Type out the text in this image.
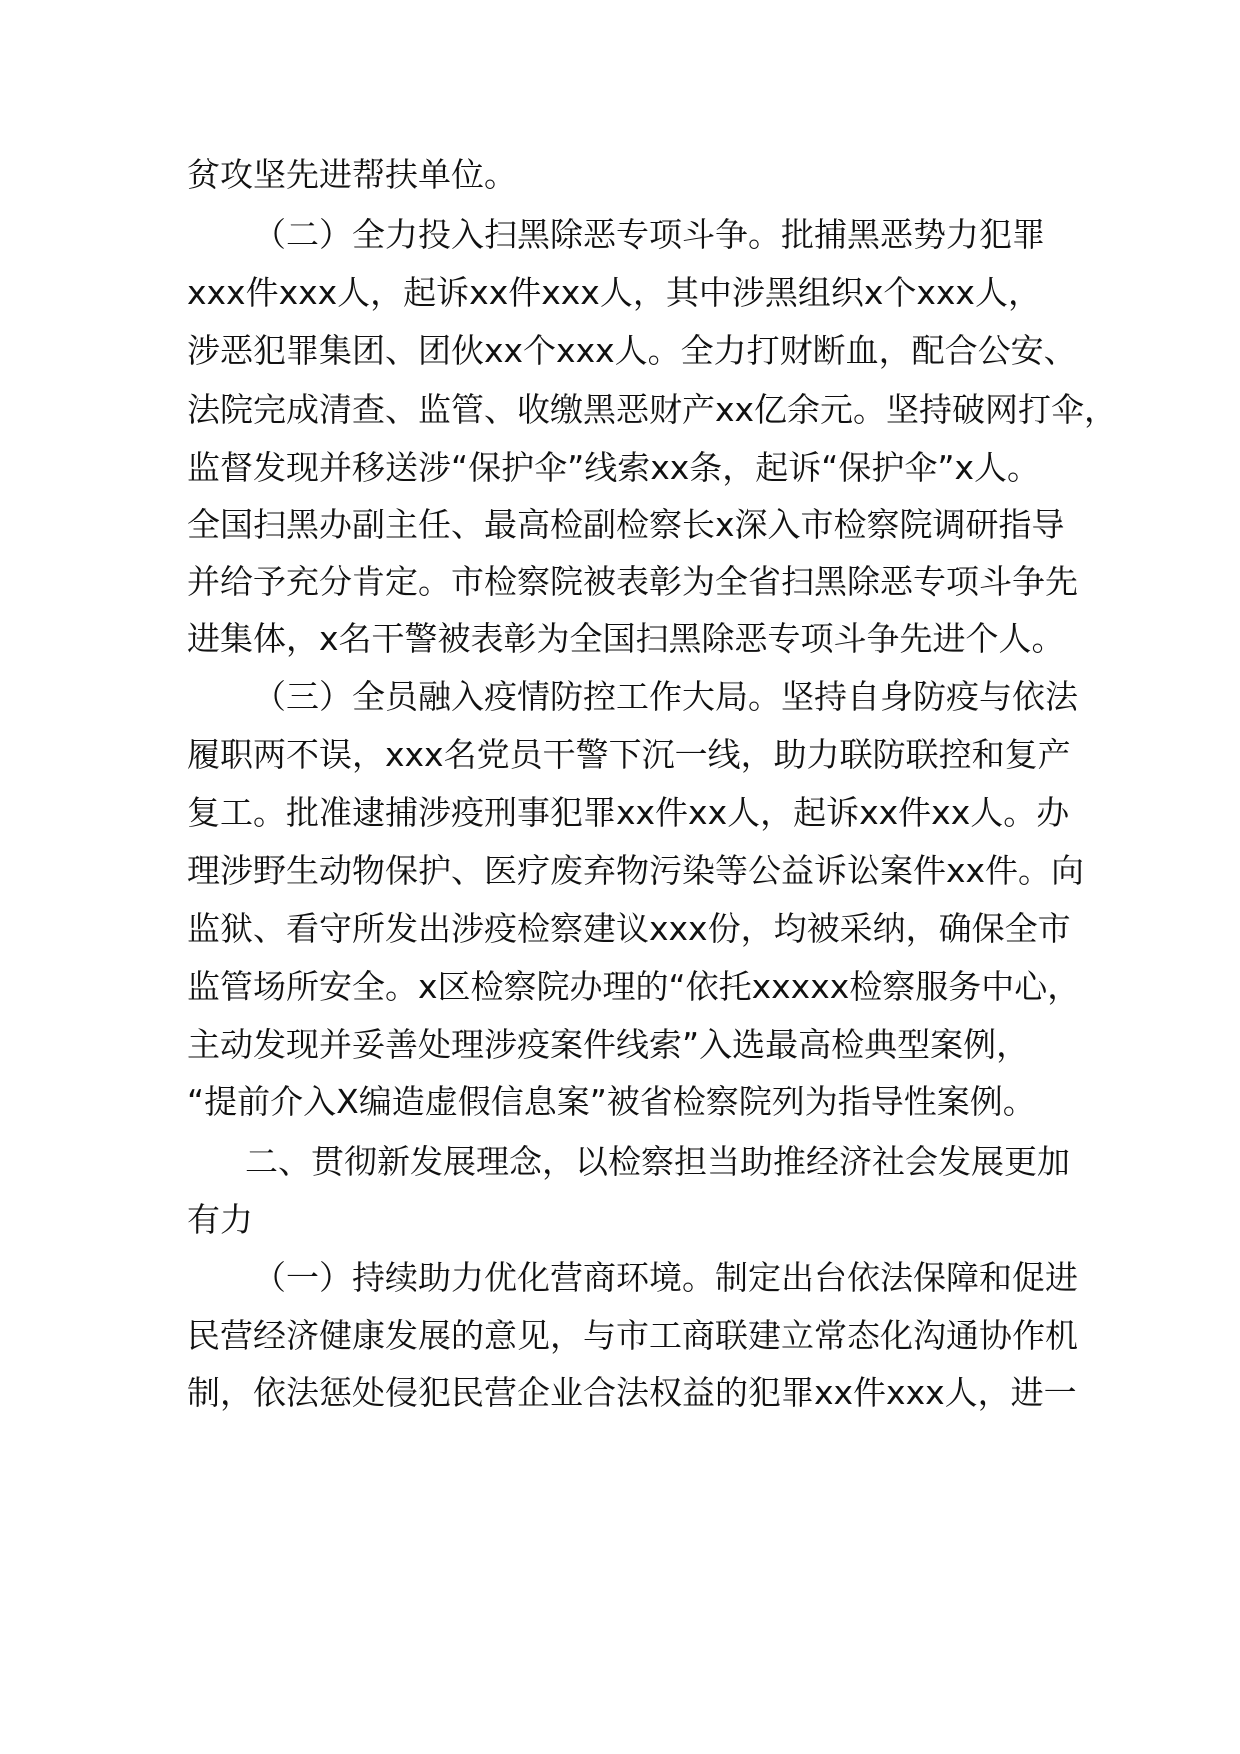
贫攻坚先进帮扶单位。
（二）全力投入扫黑除恶专项斗争。批捕黑恶势力犯罪
xxx件xxx人，起诉xx件xxx人，其中涉黑组织x个xxx人，
涉恶犯罪集团、团伙xx个xxx人。全力打财断血，配合公安、
法院完成清查、监管、收缴黑恶财产xx亿余元。坚持破网打伞，
监督发现并移送涉“保护伞”线索xx条，起诉“保护伞”x人。
全国扫黑办副主任、最高检副检察长x深入市检察院调研指导
并给予充分肯定。市检察院被表彰为全省扫黑除恶专项斗争先
进集体，x名干警被表彰为全国扫黑除恶专项斗争先进个人。
（三）全员融入疫情防控工作大局。坚持自身防疫与依法
履职两不误，xxx名党员干警下沉一线，助力联防联控和复产
复工。批准逮捕涉疫刑事犯罪xx件xx人，起诉xx件xx人。办
理涉野生动物保护、医疗废弃物污染等公益诉讼案件xx件。向
监狱、看守所发出涉疫检察建议xxx份，均被采纳，确保全市
监管场所安全。x区检察院办理的“依托xxxxx检察服务中心，
主动发现并妥善处理涉疫案件线索”入选最高检典型案例，
“提前介入X编造虚假信息案”被省检察院列为指导性案例。
二、贯彻新发展理念，以检察担当助推经济社会发展更加
有力
（一）持续助力优化营商环境。制定出台依法保障和促进
民营经济健康发展的意见，与市工商联建立常态化沟通协作机
制，依法惩处侵犯民营企业合法权益的犯罪xx件xxx人，进一
